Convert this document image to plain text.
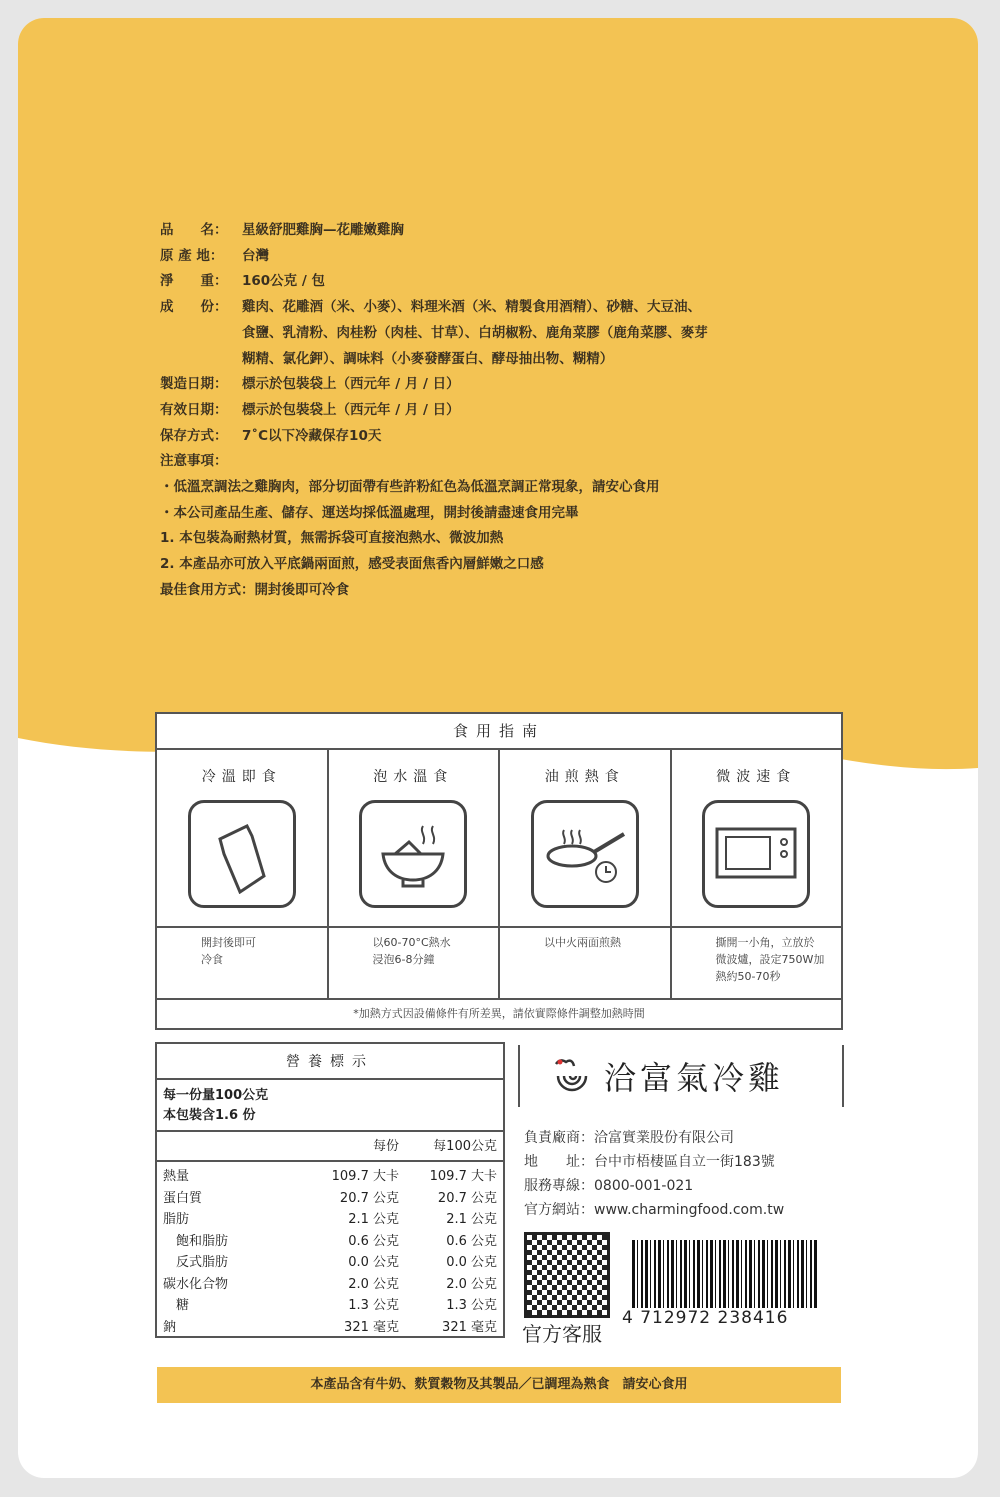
品　　名：	星級舒肥雞胸—花雕嫩雞胸
原 產 地：	台灣
淨　　重：	160公克 / 包
成　　份：	雞肉、花雕酒（米、小麥）、料理米酒（米、精製食用酒精）、砂糖、大豆油、
食鹽、乳清粉、肉桂粉（肉桂、甘草）、白胡椒粉、鹿角菜膠（鹿角菜膠、麥芽
糊精、氯化鉀）、調味料（小麥發酵蛋白、酵母抽出物、糊精）
製造日期：	標示於包裝袋上（西元年 / 月 / 日）
有效日期：	標示於包裝袋上（西元年 / 月 / 日）
保存方式：	7˚C以下冷藏保存10天
注意事項：
・低溫烹調法之雞胸肉，部分切面帶有些許粉紅色為低溫烹調正常現象，請安心食用
・本公司產品生產、儲存、運送均採低溫處理，開封後請盡速食用完畢
1. 本包裝為耐熱材質，無需拆袋可直接泡熱水、微波加熱
2. 本產品亦可放入平底鍋兩面煎，感受表面焦香內層鮮嫩之口感
最佳食用方式：開封後即可冷食
食用指南
冷溫即食
開封後即可
冷食
泡水溫食
以60-70°C熱水
浸泡6-8分鐘
油煎熱食
以中火兩面煎熱
微波速食
撕開一小角，立放於
微波爐，設定750W加
熱約50-70秒
*加熱方式因設備條件有所差異，請依實際條件調整加熱時間
營養標示
每一份量100公克
本包裝含1.6 份
每份	每100公克
熱量	109.7 大卡	109.7 大卡
蛋白質	20.7 公克	20.7 公克
脂肪	2.1 公克	2.1 公克
　飽和脂肪	0.6 公克	0.6 公克
　反式脂肪	0.0 公克	0.0 公克
碳水化合物	2.0 公克	2.0 公克
　糖	1.3 公克	1.3 公克
鈉	321 毫克	321 毫克
洽富氣冷雞
負責廠商：洽富實業股份有限公司
地　　址：台中市梧棲區自立一街183號
服務專線：0800-001-021
官方網站：www.charmingfood.com.tw
官方客服
4 712972 238416
本產品含有牛奶、麩質穀物及其製品／已調理為熟食　請安心食用
